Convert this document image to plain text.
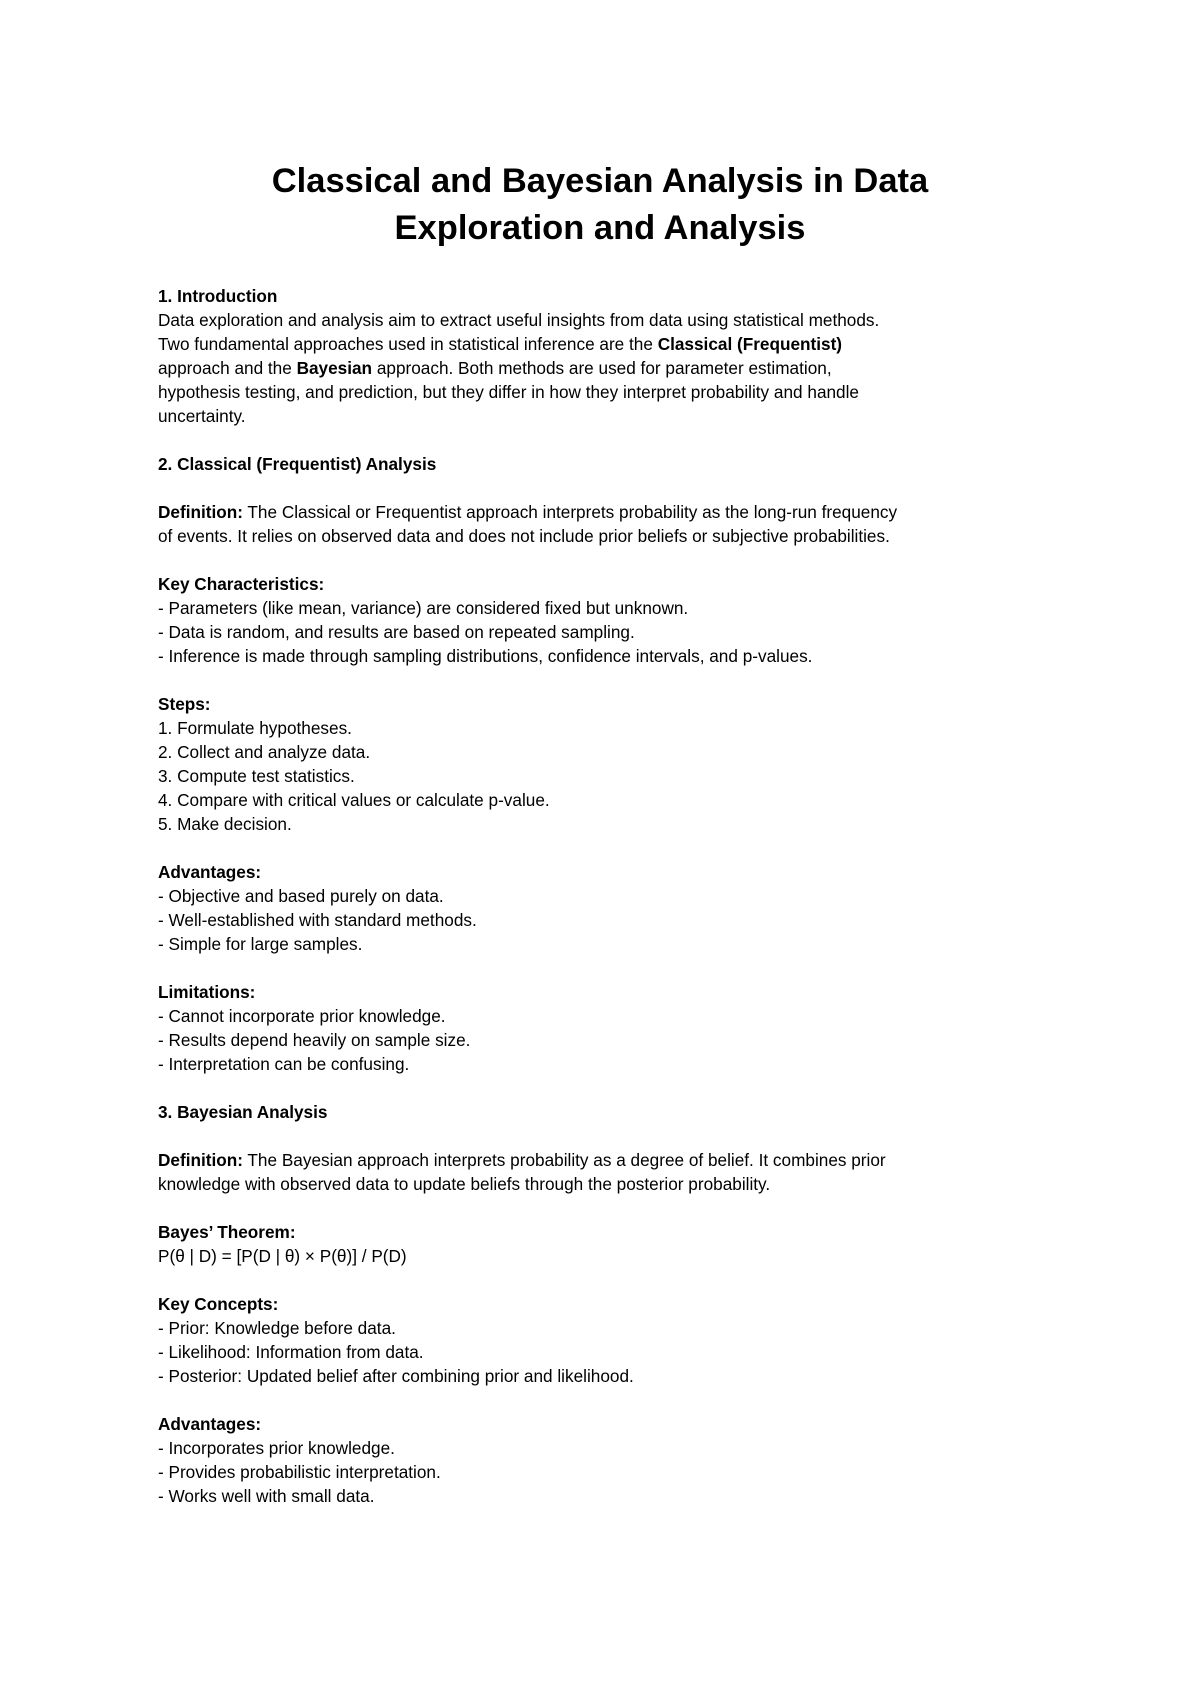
Classical and Bayesian Analysis in Data
Exploration and Analysis
1. Introduction
Data exploration and analysis aim to extract useful insights from data using statistical methods.
Two fundamental approaches used in statistical inference are the Classical (Frequentist)
approach and the Bayesian approach. Both methods are used for parameter estimation,
hypothesis testing, and prediction, but they differ in how they interpret probability and handle
uncertainty.
2. Classical (Frequentist) Analysis
Definition: The Classical or Frequentist approach interprets probability as the long-run frequency
of events. It relies on observed data and does not include prior beliefs or subjective probabilities.
Key Characteristics:
- Parameters (like mean, variance) are considered fixed but unknown.
- Data is random, and results are based on repeated sampling.
- Inference is made through sampling distributions, confidence intervals, and p-values.
Steps:
1. Formulate hypotheses.
2. Collect and analyze data.
3. Compute test statistics.
4. Compare with critical values or calculate p-value.
5. Make decision.
Advantages:
- Objective and based purely on data.
- Well-established with standard methods.
- Simple for large samples.
Limitations:
- Cannot incorporate prior knowledge.
- Results depend heavily on sample size.
- Interpretation can be confusing.
3. Bayesian Analysis
Definition: The Bayesian approach interprets probability as a degree of belief. It combines prior
knowledge with observed data to update beliefs through the posterior probability.
Bayes’ Theorem:
P(θ | D) = [P(D | θ) × P(θ)] / P(D)
Key Concepts:
- Prior: Knowledge before data.
- Likelihood: Information from data.
- Posterior: Updated belief after combining prior and likelihood.
Advantages:
- Incorporates prior knowledge.
- Provides probabilistic interpretation.
- Works well with small data.
